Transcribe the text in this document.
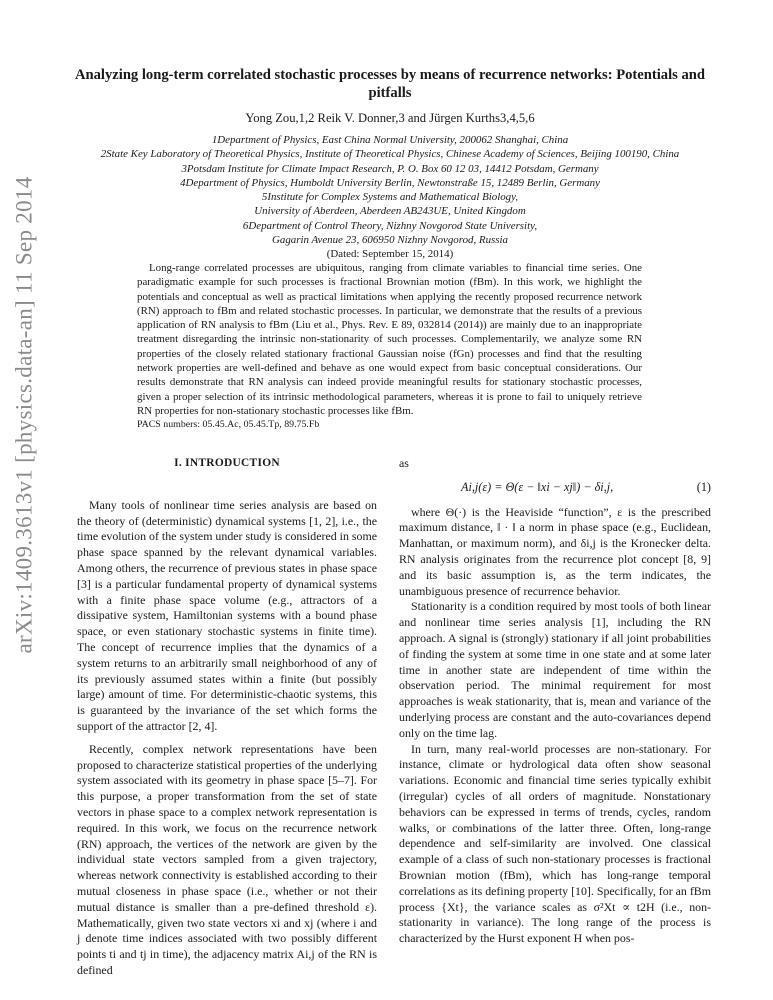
arXiv:1409.3613v1 [physics.data-an] 11 Sep 2014
Analyzing long-term correlated stochastic processes by means of recurrence networks: Potentials and pitfalls
Yong Zou,1,2 Reik V. Donner,3 and Jürgen Kurths3,4,5,6
1Department of Physics, East China Normal University, 200062 Shanghai, China
2State Key Laboratory of Theoretical Physics, Institute of Theoretical Physics, Chinese Academy of Sciences, Beijing 100190, China
3Potsdam Institute for Climate Impact Research, P. O. Box 60 12 03, 14412 Potsdam, Germany
4Department of Physics, Humboldt University Berlin, Newtonstraße 15, 12489 Berlin, Germany
5Institute for Complex Systems and Mathematical Biology,
University of Aberdeen, Aberdeen AB243UE, United Kingdom
6Department of Control Theory, Nizhny Novgorod State University,
Gagarin Avenue 23, 606950 Nizhny Novgorod, Russia
(Dated: September 15, 2014)
Long-range correlated processes are ubiquitous, ranging from climate variables to financial time series. One paradigmatic example for such processes is fractional Brownian motion (fBm). In this work, we highlight the potentials and conceptual as well as practical limitations when applying the recently proposed recurrence network (RN) approach to fBm and related stochastic processes. In particular, we demonstrate that the results of a previous application of RN analysis to fBm (Liu et al., Phys. Rev. E 89, 032814 (2014)) are mainly due to an inappropriate treatment disregarding the intrinsic non-stationarity of such processes. Complementarily, we analyze some RN properties of the closely related stationary fractional Gaussian noise (fGn) processes and find that the resulting network properties are well-defined and behave as one would expect from basic conceptual considerations. Our results demonstrate that RN analysis can indeed provide meaningful results for stationary stochastic processes, given a proper selection of its intrinsic methodological parameters, whereas it is prone to fail to uniquely retrieve RN properties for non-stationary stochastic processes like fBm.
PACS numbers: 05.45.Ac, 05.45.Tp, 89.75.Fb
I. INTRODUCTION

Many tools of nonlinear time series analysis are based on the theory of (deterministic) dynamical systems [1, 2], i.e., the time evolution of the system under study is considered in some phase space spanned by the relevant dynamical variables. Among others, the recurrence of previous states in phase space [3] is a particular fundamental property of dynamical systems with a finite phase space volume (e.g., attractors of a dissipative system, Hamiltonian systems with a bound phase space, or even stationary stochastic systems in finite time). The concept of recurrence implies that the dynamics of a system returns to an arbitrarily small neighborhood of any of its previously assumed states within a finite (but possibly large) amount of time. For deterministic-chaotic systems, this is guaranteed by the invariance of the set which forms the support of the attractor [2, 4].

Recently, complex network representations have been proposed to characterize statistical properties of the underlying system associated with its geometry in phase space [5–7]. For this purpose, a proper transformation from the set of state vectors in phase space to a complex network representation is required. In this work, we focus on the recurrence network (RN) approach, the vertices of the network are given by the individual state vectors sampled from a given trajectory, whereas network connectivity is established according to their mutual closeness in phase space (i.e., whether or not their mutual distance is smaller than a pre-defined threshold ε). Mathematically, given two state vectors xi and xj (where i and j denote time indices associated with two possibly different points ti and tj in time), the adjacency matrix Ai,j of the RN is defined

as

Ai,j(ε) = Θ(ε − ‖xi − xj‖) − δi,j,	(1)

where Θ(·) is the Heaviside “function”, ε is the prescribed maximum distance, ‖ · ‖ a norm in phase space (e.g., Euclidean, Manhattan, or maximum norm), and δi,j is the Kronecker delta. RN analysis originates from the recurrence plot concept [8, 9] and its basic assumption is, as the term indicates, the unambiguous presence of recurrence behavior.

Stationarity is a condition required by most tools of both linear and nonlinear time series analysis [1], including the RN approach. A signal is (strongly) stationary if all joint probabilities of finding the system at some time in one state and at some later time in another state are independent of time within the observation period. The minimal requirement for most approaches is weak stationarity, that is, mean and variance of the underlying process are constant and the auto-covariances depend only on the time lag.

In turn, many real-world processes are non-stationary. For instance, climate or hydrological data often show seasonal variations. Economic and financial time series typically exhibit (irregular) cycles of all orders of magnitude. Nonstationary behaviors can be expressed in terms of trends, cycles, random walks, or combinations of the latter three. Often, long-range dependence and self-similarity are involved. One classical example of a class of such non-stationary processes is fractional Brownian motion (fBm), which has long-range temporal correlations as its defining property [10]. Specifically, for an fBm process {Xt}, the variance scales as σ²Xt ∝ t2H (i.e., non-stationarity in variance). The long range of the process is characterized by the Hurst exponent H when pos-
